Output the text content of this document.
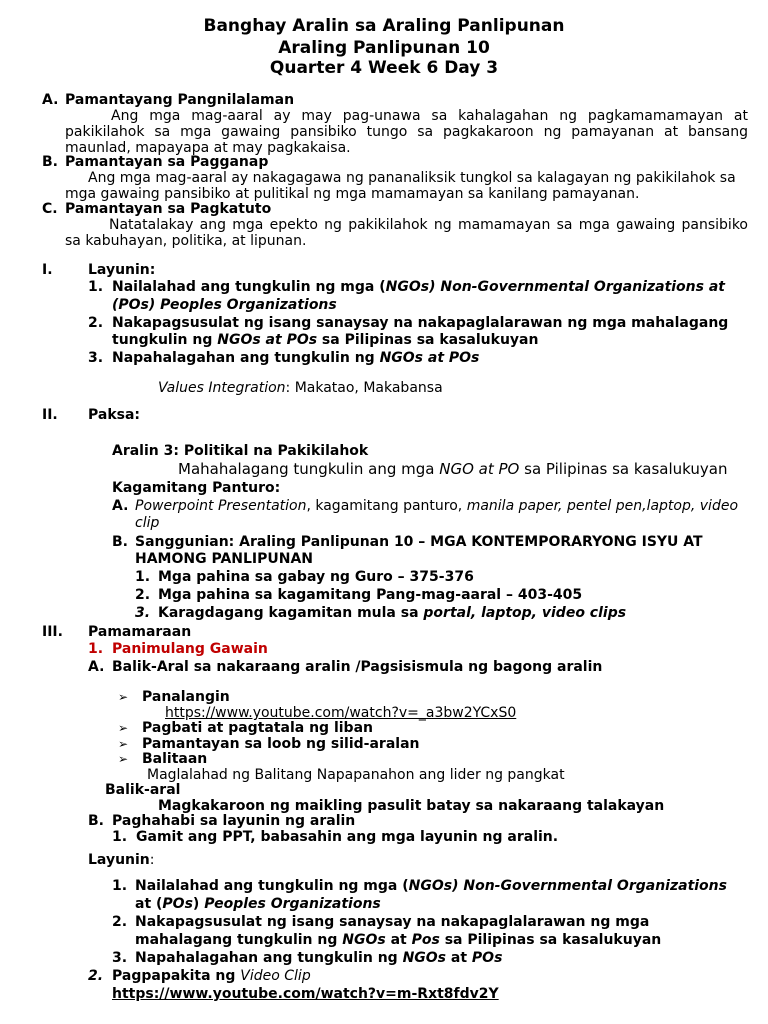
Banghay Aralin sa Araling Panlipunan
Araling Panlipunan 10
Quarter 4 Week 6 Day 3
A. Pamantayang Pangnilalaman
Ang mga mag-aaral ay may pag-unawa sa kahalagahan ng pagkamamamayan at pakikilahok sa mga gawaing pansibiko tungo sa pagkakaroon ng pamayanan at bansang maunlad, mapayapa at may pagkakaisa.
B. Pamantayan sa Pagganap
Ang mga mag-aaral ay nakagagawa ng pananaliksik tungkol sa kalagayan ng pakikilahok sa
mga gawaing pansibiko at pulitikal ng mga mamamayan sa kanilang pamayanan.
C. Pamantayan sa Pagkatuto
Natatalakay ang mga epekto ng pakikilahok ng mamamayan sa mga gawaing pansibiko sa kabuhayan, politika, at lipunan.
I.	Layunin:
1. Nailalahad ang tungkulin ng mga (NGOs) Non-Governmental Organizations at
(POs) Peoples Organizations
2. Nakapagsusulat ng isang sanaysay na nakapaglalarawan ng mga mahalagang
tungkulin ng NGOs at POs sa Pilipinas sa kasalukuyan
3. Napahalagahan ang tungkulin ng NGOs at POs
Values Integration: Makatao, Makabansa
II. Paksa:
Aralin 3: Politikal na Pakikilahok
Mahahalagang tungkulin ang mga NGO at PO sa Pilipinas sa kasalukuyan
Kagamitang Panturo:
A. Powerpoint Presentation, kagamitang panturo, manila paper, pentel pen,laptop, video
clip
B. Sanggunian: Araling Panlipunan 10 – MGA KONTEMPORARYONG ISYU AT
HAMONG PANLIPUNAN
1. Mga pahina sa gabay ng Guro – 375-376
2. Mga pahina sa kagamitang Pang-mag-aaral – 403-405
3. Karagdagang kagamitan mula sa portal, laptop, video clips
III. Pamamaraan
1. Panimulang Gawain
A. Balik-Aral sa nakaraang aralin /Pagsisismula ng bagong aralin
➢ Panalangin
https://www.youtube.com/watch?v=_a3bw2YCxS0
➢ Pagbati at pagtatala ng liban
➢ Pamantayan sa loob ng silid-aralan
➢ Balitaan
Maglalahad ng Balitang Napapanahon ang lider ng pangkat
Balik-aral
Magkakaroon ng maikling pasulit batay sa nakaraang talakayan
B. Paghahabi sa layunin ng aralin
1. Gamit ang PPT, babasahin ang mga layunin ng aralin.
Layunin:
1. Nailalahad ang tungkulin ng mga (NGOs) Non-Governmental Organizations
at (POs) Peoples Organizations
2. Nakapagsusulat ng isang sanaysay na nakapaglalarawan ng mga
mahalagang tungkulin ng NGOs at Pos sa Pilipinas sa kasalukuyan
3. Napahalagahan ang tungkulin ng NGOs at POs
2. Pagpapakita ng Video Clip
https://www.youtube.com/watch?v=m-Rxt8fdv2Y
